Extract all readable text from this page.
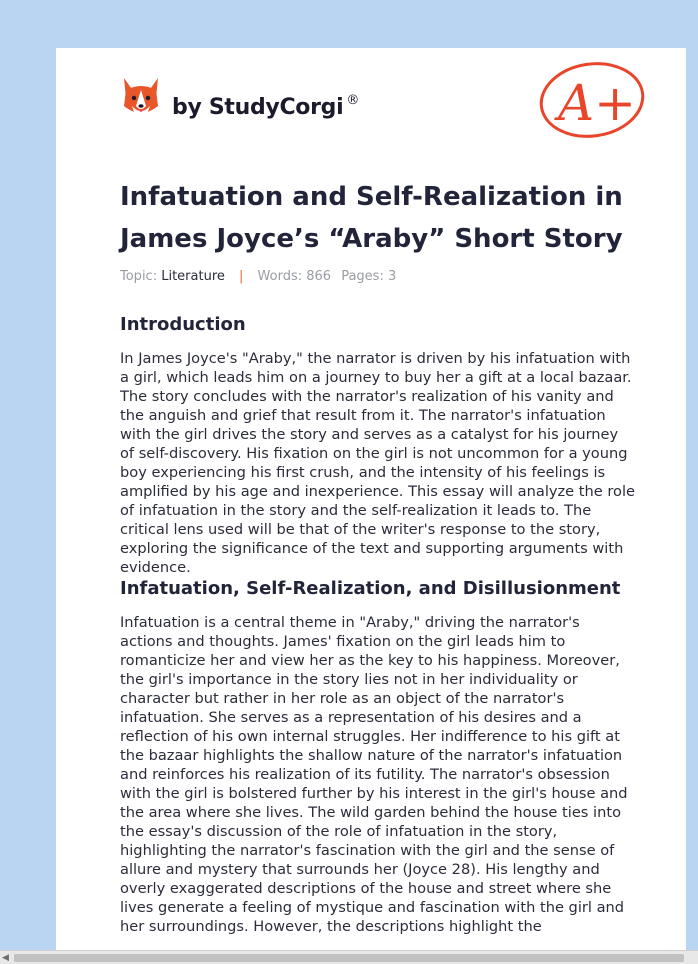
by StudyCorgi ®	A+
Infatuation and Self-Realization in James Joyce’s “Araby” Short Story
Topic: Literature | Words: 866 Pages: 3
Introduction

In James Joyce's "Araby," the narrator is driven by his infatuation with a girl, which leads him on a journey to buy her a gift at a local bazaar. The story concludes with the narrator's realization of his vanity and the anguish and grief that result from it. The narrator's infatuation with the girl drives the story and serves as a catalyst for his journey of self-discovery. His fixation on the girl is not uncommon for a young boy experiencing his first crush, and the intensity of his feelings is amplified by his age and inexperience. This essay will analyze the role of infatuation in the story and the self-realization it leads to. The critical lens used will be that of the writer's response to the story, exploring the significance of the text and supporting arguments with evidence.

Infatuation, Self-Realization, and Disillusionment

Infatuation is a central theme in "Araby," driving the narrator's actions and thoughts. James' fixation on the girl leads him to romanticize her and view her as the key to his happiness. Moreover, the girl's importance in the story lies not in her individuality or character but rather in her role as an object of the narrator's infatuation. She serves as a representation of his desires and a reflection of his own internal struggles. Her indifference to his gift at the bazaar highlights the shallow nature of the narrator's infatuation and reinforces his realization of its futility. The narrator's obsession with the girl is bolstered further by his interest in the girl's house and the area where she lives. The wild garden behind the house ties into the essay's discussion of the role of infatuation in the story, highlighting the narrator's fascination with the girl and the sense of allure and mystery that surrounds her (Joyce 28). His lengthy and overly exaggerated descriptions of the house and street where she lives generate a feeling of mystique and fascination with the girl and her surroundings. However, the descriptions highlight the

◀
